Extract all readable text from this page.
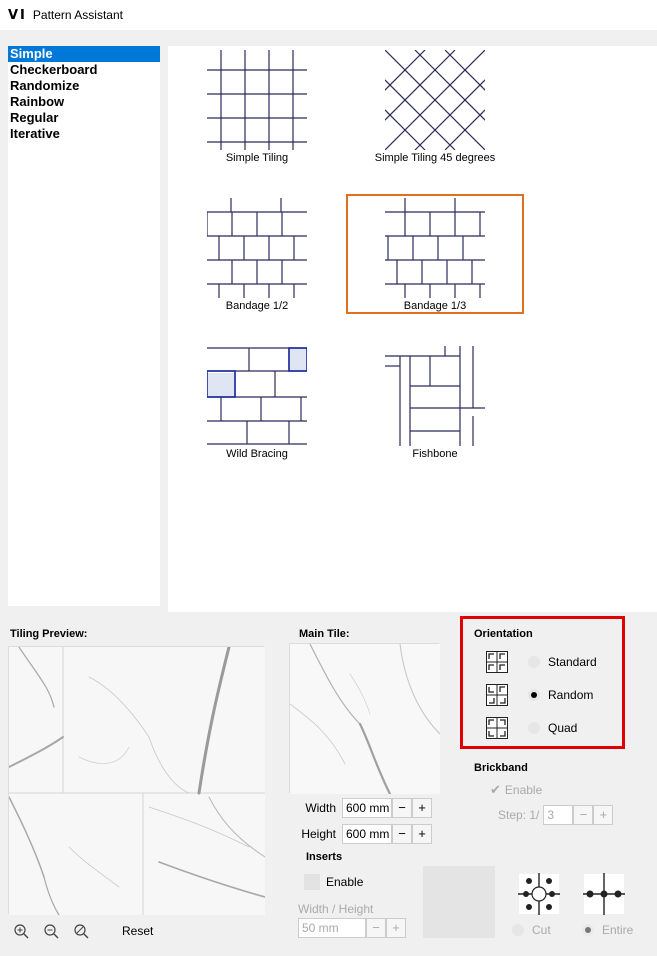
VI Pattern Assistant
Simple
Checkerboard
Randomize
Rainbow
Regular
Iterative
Simple Tiling	Simple Tiling 45 degrees
Bandage 1/2	Bandage 1/3
Wild Bracing	Fishbone
Tiling Preview:
Reset
Main Tile:
Width 600 mm − +
Height 600 mm − +
Inserts
Enable
Width / Height
50 mm	− +	Cut	Entire
Orientation
Standard
Random
Quad
Brickband
✔ Enable
Step: 1/ 3	− +
